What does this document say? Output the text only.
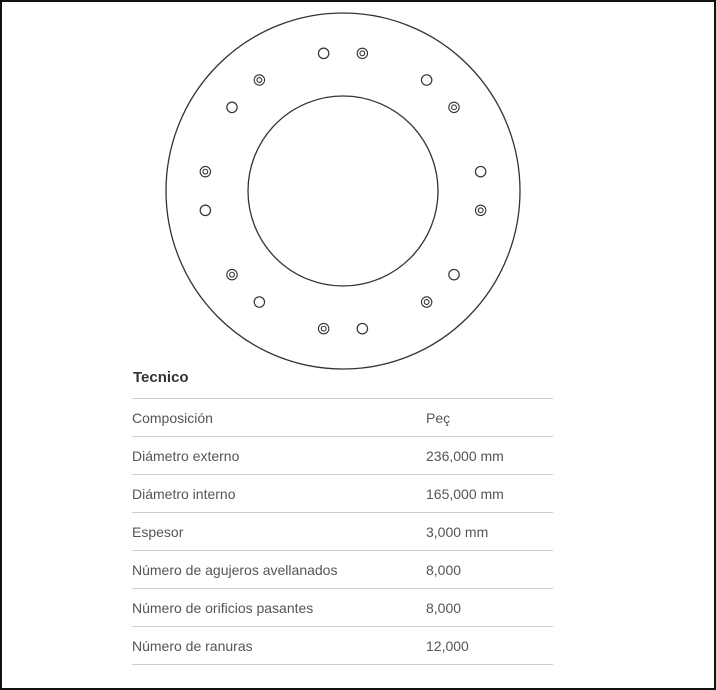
Tecnico
Composición	Peç
Diámetro externo	236,000 mm
Diámetro interno	165,000 mm
Espesor	3,000 mm
Número de agujeros avellanados	8,000
Número de orificios pasantes	8,000
Número de ranuras	12,000
